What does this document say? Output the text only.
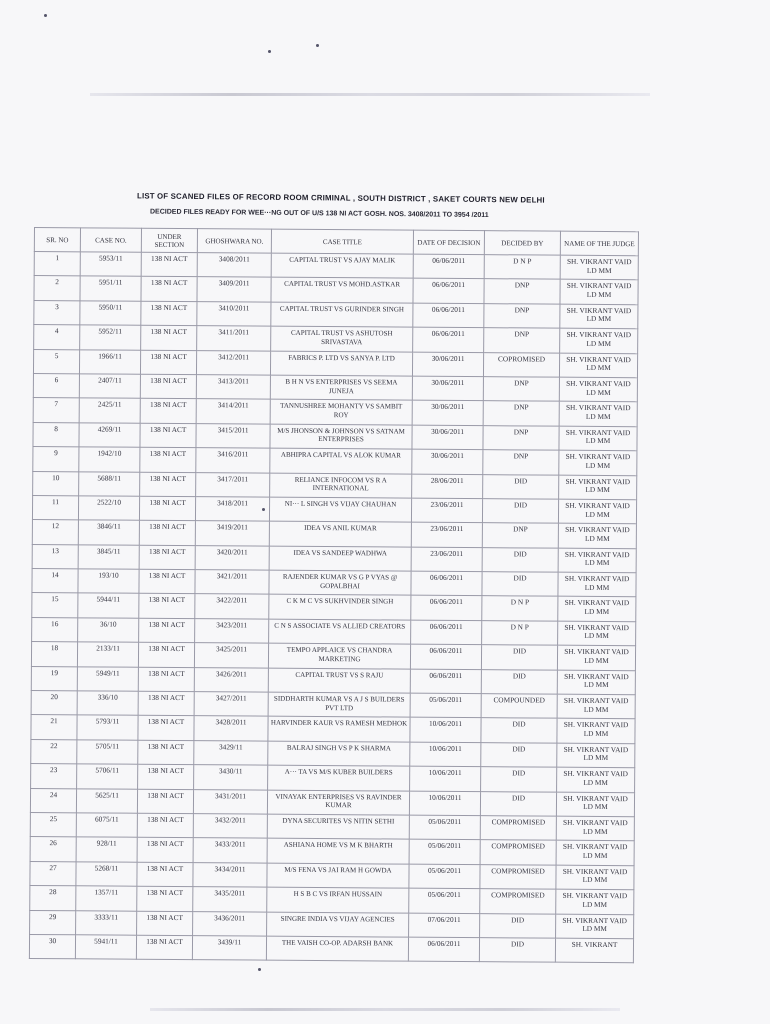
LIST OF SCANED FILES OF RECORD ROOM CRIMINAL , SOUTH DISTRICT , SAKET COURTS NEW DELHI
DECIDED FILES READY FOR WEE···NG OUT OF U/S 138 NI ACT GOSH. NOS. 3408/2011 TO 3954 /2011
SR. NO	CASE NO.	UNDER SECTION	GHOSHWARA NO.	CASE TITLE	DATE OF DECISION	DECIDED BY	NAME OF THE JUDGE
1	5953/11	138 NI ACT	3408/2011	CAPITAL TRUST VS AJAY MALIK	06/06/2011	D N P	SH. VIKRANT VAID LD MM
2	5951/11	138 NI ACT	3409/2011	CAPITAL TRUST VS MOHD.ASTKAR	06/06/2011	DNP	SH. VIKRANT VAID LD MM
3	5950/11	138 NI ACT	3410/2011	CAPITAL TRUST VS GURINDER SINGH	06/06/2011	DNP	SH. VIKRANT VAID LD MM
4	5952/11	138 NI ACT	3411/2011	CAPITAL TRUST VS ASHUTOSH SRIVASTAVA	06/06/2011	DNP	SH. VIKRANT VAID LD MM
5	1966/11	138 NI ACT	3412/2011	FABRICS P. LTD VS SANYA P. LTD	30/06/2011	COPROMISED	SH. VIKRANT VAID LD MM
6	2407/11	138 NI ACT	3413/2011	B H N VS ENTERPRISES VS SEEMA JUNEJA	30/06/2011	DNP	SH. VIKRANT VAID LD MM
7	2425/11	138 NI ACT	3414/2011	TANNUSHREE MOHANTY VS SAMBIT ROY	30/06/2011	DNP	SH. VIKRANT VAID LD MM
8	4269/11	138 NI ACT	3415/2011	M/S JHONSON & JOHNSON VS SATNAM ENTERPRISES	30/06/2011	DNP	SH. VIKRANT VAID LD MM
9	1942/10	138 NI ACT	3416/2011	ABHIPRA CAPITAL VS ALOK KUMAR	30/06/2011	DNP	SH. VIKRANT VAID LD MM
10	5688/11	138 NI ACT	3417/2011	RELIANCE INFOCOM VS R A INTERNATIONAL	28/06/2011	DID	SH. VIKRANT VAID LD MM
11	2522/10	138 NI ACT	3418/2011	NI··· L SINGH VS VIJAY CHAUHAN	23/06/2011	DID	SH. VIKRANT VAID LD MM
12	3846/11	138 NI ACT	3419/2011	IDEA VS ANIL KUMAR	23/06/2011	DNP	SH. VIKRANT VAID LD MM
13	3845/11	138 NI ACT	3420/2011	IDEA VS SANDEEP WADHWA	23/06/2011	DID	SH. VIKRANT VAID LD MM
14	193/10	138 NI ACT	3421/2011	RAJENDER KUMAR VS G P VYAS @ GOPALBHAI	06/06/2011	DID	SH. VIKRANT VAID LD MM
15	5944/11	138 NI ACT	3422/2011	C K M C VS SUKHVINDER SINGH	06/06/2011	D N P	SH. VIKRANT VAID LD MM
16	36/10	138 NI ACT	3423/2011	C N S ASSOCIATE VS ALLIED CREATORS	06/06/2011	D N P	SH. VIKRANT VAID LD MM
18	2133/11	138 NI ACT	3425/2011	TEMPO APPLAICE VS CHANDRA MARKETING	06/06/2011	DID	SH. VIKRANT VAID LD MM
19	5949/11	138 NI ACT	3426/2011	CAPITAL TRUST VS S RAJU	06/06/2011	DID	SH. VIKRANT VAID LD MM
20	336/10	138 NI ACT	3427/2011	SIDDHARTH KUMAR VS A J S BUILDERS PVT LTD	05/06/2011	COMPOUNDED	SH. VIKRANT VAID LD MM
21	5793/11	138 NI ACT	3428/2011	HARVINDER KAUR VS RAMESH MEDHOK	10/06/2011	DID	SH. VIKRANT VAID LD MM
22	5705/11	138 NI ACT	3429/11	BALRAJ SINGH VS P K SHARMA	10/06/2011	DID	SH. VIKRANT VAID LD MM
23	5706/11	138 NI ACT	3430/11	A··· TA VS M/S KUBER BUILDERS	10/06/2011	DID	SH. VIKRANT VAID LD MM
24	5625/11	138 NI ACT	3431/2011	VINAYAK ENTERPRISES VS RAVINDER KUMAR	10/06/2011	DID	SH. VIKRANT VAID LD MM
25	6075/11	138 NI ACT	3432/2011	DYNA SECURITES VS NITIN SETHI	05/06/2011	COMPROMISED	SH. VIKRANT VAID LD MM
26	928/11	138 NI ACT	3433/2011	ASHIANA HOME VS M K BHARTH	05/06/2011	COMPROMISED	SH. VIKRANT VAID LD MM
27	5268/11	138 NI ACT	3434/2011	M/S FENA VS JAI RAM H GOWDA	05/06/2011	COMPROMISED	SH. VIKRANT VAID LD MM
28	1357/11	138 NI ACT	3435/2011	H S B C VS IRFAN HUSSAIN	05/06/2011	COMPROMISED	SH. VIKRANT VAID LD MM
29	3333/11	138 NI ACT	3436/2011	SINGRE INDIA VS VIJAY AGENCIES	07/06/2011	DID	SH. VIKRANT VAID LD MM
30	5941/11	138 NI ACT	3439/11	THE VAISH CO-OP. ADARSH BANK	06/06/2011	DID	SH. VIKRANT
